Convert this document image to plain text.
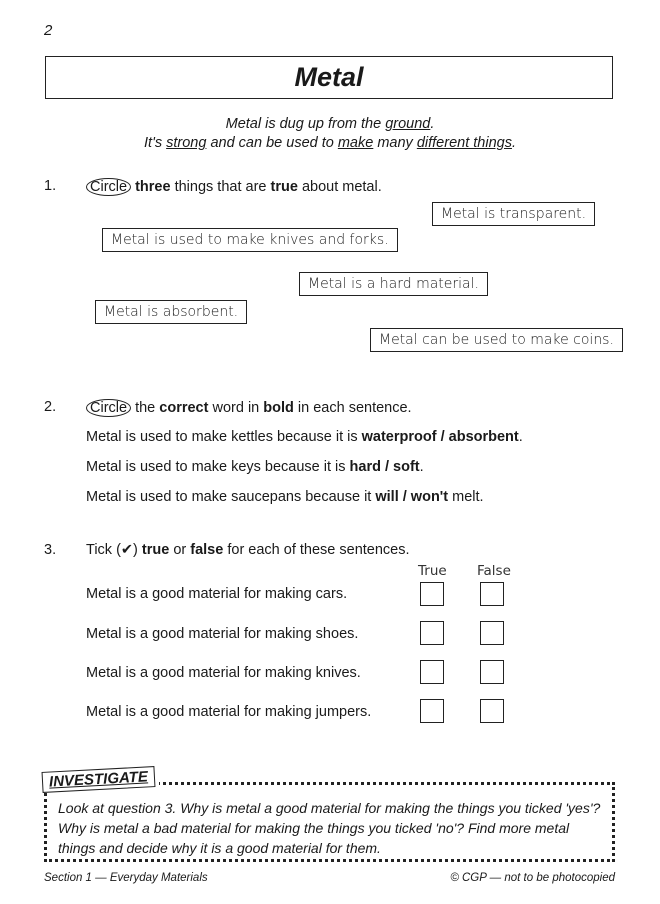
2
Metal
Metal is dug up from the ground.
It's strong and can be used to make many different things.
1. Circle three things that are true about metal.
Metal is transparent.
Metal is used to make knives and forks.
Metal is a hard material.
Metal is absorbent.
Metal can be used to make coins.
2. Circle the correct word in bold in each sentence.
Metal is used to make kettles because it is waterproof / absorbent.
Metal is used to make keys because it is hard / soft.
Metal is used to make saucepans because it will / won't melt.
3. Tick (✔) true or false for each of these sentences.
True False
Metal is a good material for making cars.
Metal is a good material for making shoes.
Metal is a good material for making knives.
Metal is a good material for making jumpers.
INVESTIGATE
Look at question 3. Why is metal a good material for making the things you ticked 'yes'? Why is metal a bad material for making the things you ticked 'no'? Find more metal things and decide why it is a good material for them.
Section 1 — Everyday Materials	© CGP — not to be photocopied
